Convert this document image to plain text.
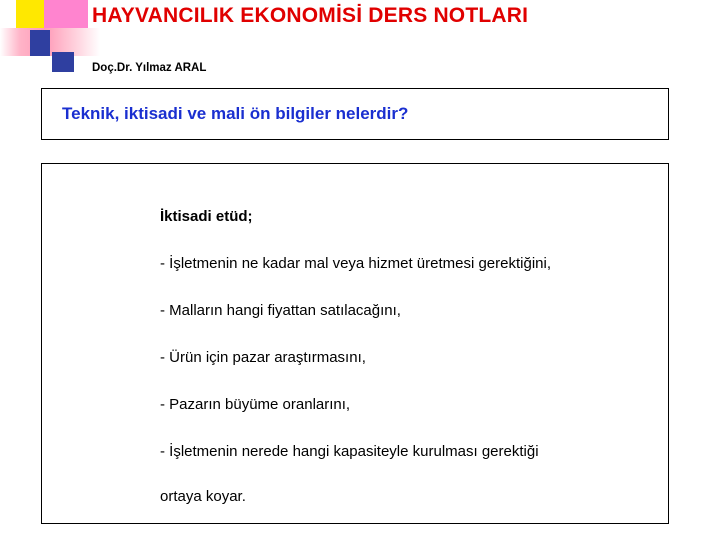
HAYVANCILIK EKONOMİSİ DERS NOTLARI
Doç.Dr. Yılmaz ARAL
Teknik, iktisadi ve mali ön bilgiler nelerdir?
İktisadi etüd;
- İşletmenin ne kadar mal veya hizmet üretmesi gerektiğini,
- Malların hangi fiyattan satılacağını,
- Ürün için pazar araştırmasını,
- Pazarın büyüme oranlarını,
- İşletmenin nerede hangi kapasiteyle kurulması gerektiği
ortaya koyar.
